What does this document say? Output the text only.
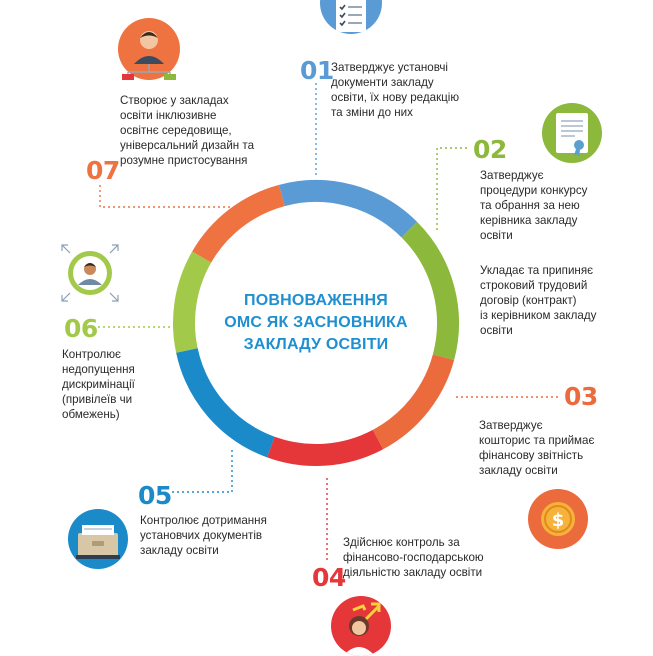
ПОВНОВАЖЕННЯ
ОМС ЯК ЗАСНОВНИКА
ЗАКЛАДУ ОСВІТИ
01
Затверджує установчі
документи закладу
освіти, їх нову редакцію
та зміни до них
02
Затверджує
процедури конкурсу
та обрання за нею
керівника закладу
освіти
Укладає та припиняє
строковий трудовий
договір (контракт)
із керівником закладу
освіти
03
Затверджує
кошторис та приймає
фінансову звітність
закладу освіти
$
Здійснює контроль за
фінансово-господарською
діяльністю закладу освіти
04
05
Контролює дотримання
установчих документів
закладу освіти
06
Контролює
недопущення
дискримінації
(привілеїв чи
обмежень)
Створює у закладах
освіти інклюзивне
освітнє середовище,
універсальний дизайн та
розумне пристосування
07
